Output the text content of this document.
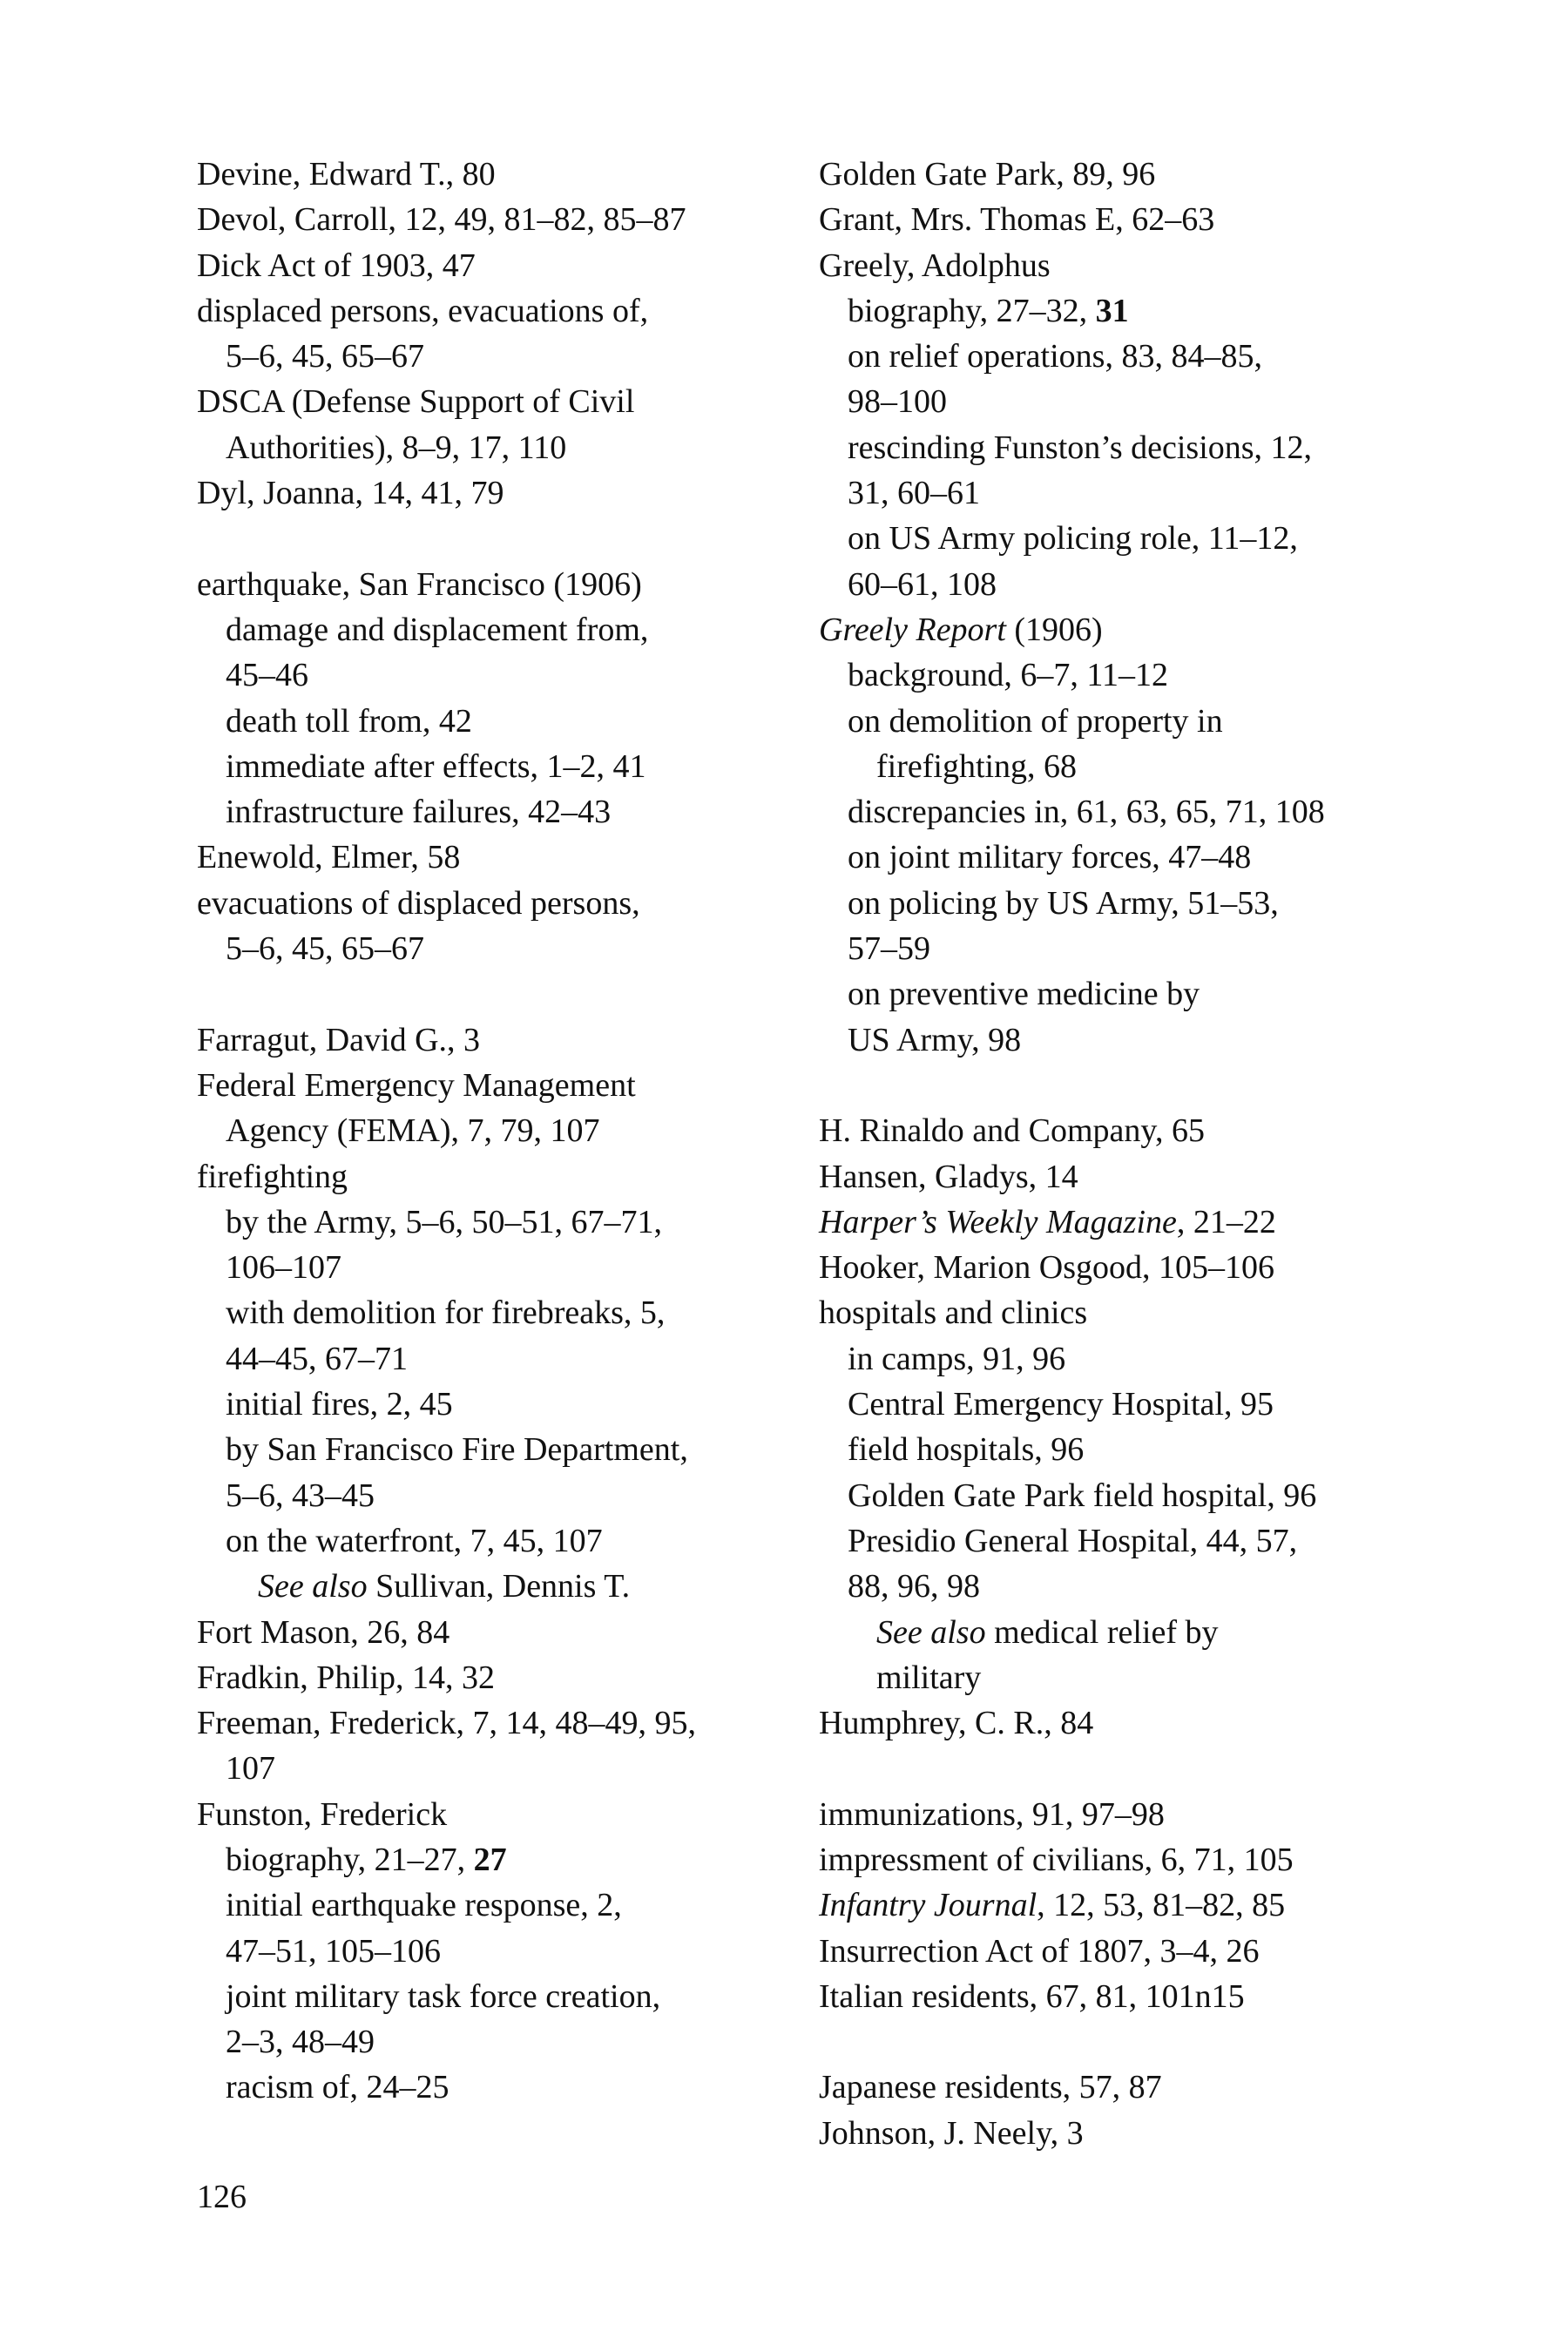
Devine, Edward T., 80
Devol, Carroll, 12, 49, 81–82, 85–87
Dick Act of 1903, 47
displaced persons, evacuations of,
5–6, 45, 65–67
DSCA (Defense Support of Civil
Authorities), 8–9, 17, 110
Dyl, Joanna, 14, 41, 79
earthquake, San Francisco (1906)
damage and displacement from,
45–46
death toll from, 42
immediate after effects, 1–2, 41
infrastructure failures, 42–43
Enewold, Elmer, 58
evacuations of displaced persons,
5–6, 45, 65–67
Farragut, David G., 3
Federal Emergency Management
Agency (FEMA), 7, 79, 107
firefighting
by the Army, 5–6, 50–51, 67–71,
106–107
with demolition for firebreaks, 5,
44–45, 67–71
initial fires, 2, 45
by San Francisco Fire Department,
5–6, 43–45
on the waterfront, 7, 45, 107
See also Sullivan, Dennis T.
Fort Mason, 26, 84
Fradkin, Philip, 14, 32
Freeman, Frederick, 7, 14, 48–49, 95,
107
Funston, Frederick
biography, 21–27, 27
initial earthquake response, 2,
47–51, 105–106
joint military task force creation,
2–3, 48–49
racism of, 24–25
Golden Gate Park, 89, 96
Grant, Mrs. Thomas E, 62–63
Greely, Adolphus
biography, 27–32, 31
on relief operations, 83, 84–85,
98–100
rescinding Funston’s decisions, 12,
31, 60–61
on US Army policing role, 11–12,
60–61, 108
Greely Report (1906)
background, 6–7, 11–12
on demolition of property in
firefighting, 68
discrepancies in, 61, 63, 65, 71, 108
on joint military forces, 47–48
on policing by US Army, 51–53,
57–59
on preventive medicine by
US Army, 98
H. Rinaldo and Company, 65
Hansen, Gladys, 14
Harper’s Weekly Magazine, 21–22
Hooker, Marion Osgood, 105–106
hospitals and clinics
in camps, 91, 96
Central Emergency Hospital, 95
field hospitals, 96
Golden Gate Park field hospital, 96
Presidio General Hospital, 44, 57,
88, 96, 98
See also medical relief by
military
Humphrey, C. R., 84
immunizations, 91, 97–98
impressment of civilians, 6, 71, 105
Infantry Journal, 12, 53, 81–82, 85
Insurrection Act of 1807, 3–4, 26
Italian residents, 67, 81, 101n15
Japanese residents, 57, 87
Johnson, J. Neely, 3
126
